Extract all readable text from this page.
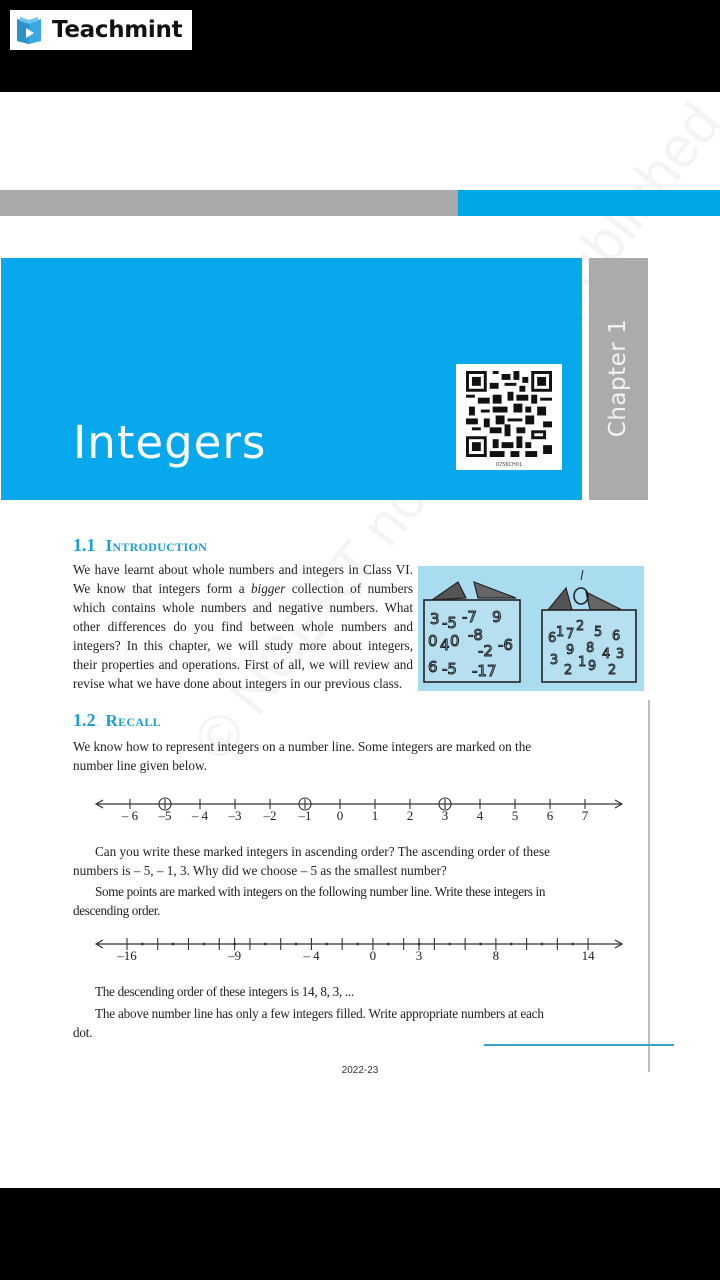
Teachmint
Integers	0756CH01
Chapter 1
1.1 Introduction
We have learnt about whole numbers and integers in Class VI. We know that integers form a bigger collection of numbers which contains whole numbers and negative numbers. What other differences do you find between whole numbers and integers? In this chapter, we will study more about integers, their properties and operations. First of all, we will review and revise what we have done about integers in our previous class.
3 -5 -7 9
0 4 0 -8
-2 -6
6 -5 -17
6 1 7
2 5 6
9 8 4 3
3
2
1 9 2
1.2 Recall
We know how to represent integers on a number line. Some integers are marked on the number line given below.
Can you write these marked integers in ascending order? The ascending order of these numbers is – 5, – 1, 3. Why did we choose – 5 as the smallest number?
Some points are marked with integers on the following number line. Write these integers in descending order.
The descending order of these integers is 14, 8, 3, ...
The above number line has only a few integers filled. Write appropriate numbers at each dot.
2022-23
– 6	–5	– 4	–3	–2	–1	0	1	2	3	4	5	6	7
–16	–9	– 4	0	3	8	14
